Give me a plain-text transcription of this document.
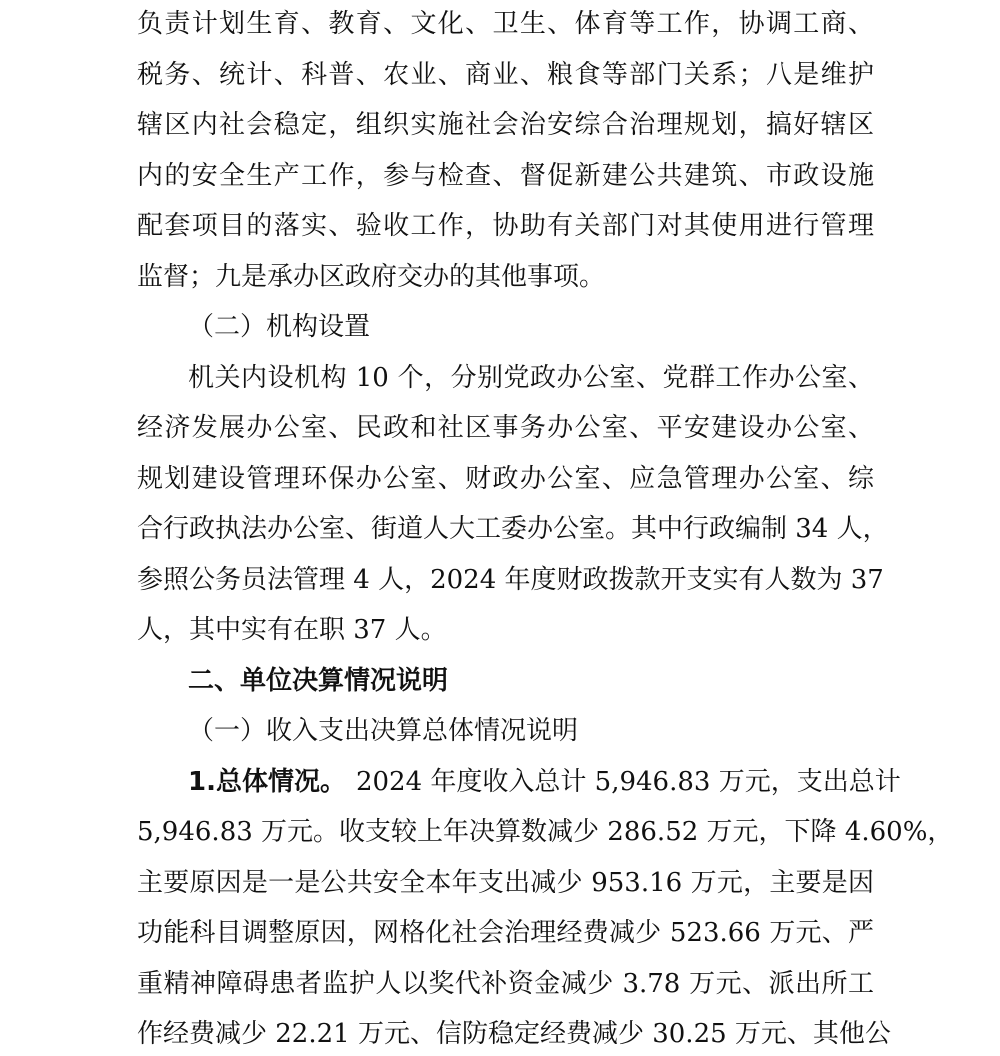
负责计划生育、教育、文化、卫生、体育等工作，协调工商、

税务、统计、科普、农业、商业、粮食等部门关系；八是维护

辖区内社会稳定，组织实施社会治安综合治理规划，搞好辖区

内的安全生产工作，参与检查、督促新建公共建筑、市政设施

配套项目的落实、验收工作，协助有关部门对其使用进行管理

监督；九是承办区政府交办的其他事项。

（二）机构设置

机关内设机构 10 个，分别党政办公室、党群工作办公室、

经济发展办公室、民政和社区事务办公室、平安建设办公室、

规划建设管理环保办公室、财政办公室、应急管理办公室、综

合行政执法办公室、街道人大工委办公室。其中行政编制 34 人，

参照公务员法管理 4 人，2024 年度财政拨款开支实有人数为 37

人，其中实有在职 37 人。

二、单位决算情况说明

（一）收入支出决算总体情况说明

1.总体情况。 2024 年度收入总计 5,946.83 万元，支出总计

5,946.83 万元。收支较上年决算数减少 286.52 万元，下降 4.60%，

主要原因是一是公共安全本年支出减少 953.16 万元，主要是因

功能科目调整原因，网格化社会治理经费减少 523.66 万元、严

重精神障碍患者监护人以奖代补资金减少 3.78 万元、派出所工

作经费减少 22.21 万元、信防稳定经费减少 30.25 万元、其他公
